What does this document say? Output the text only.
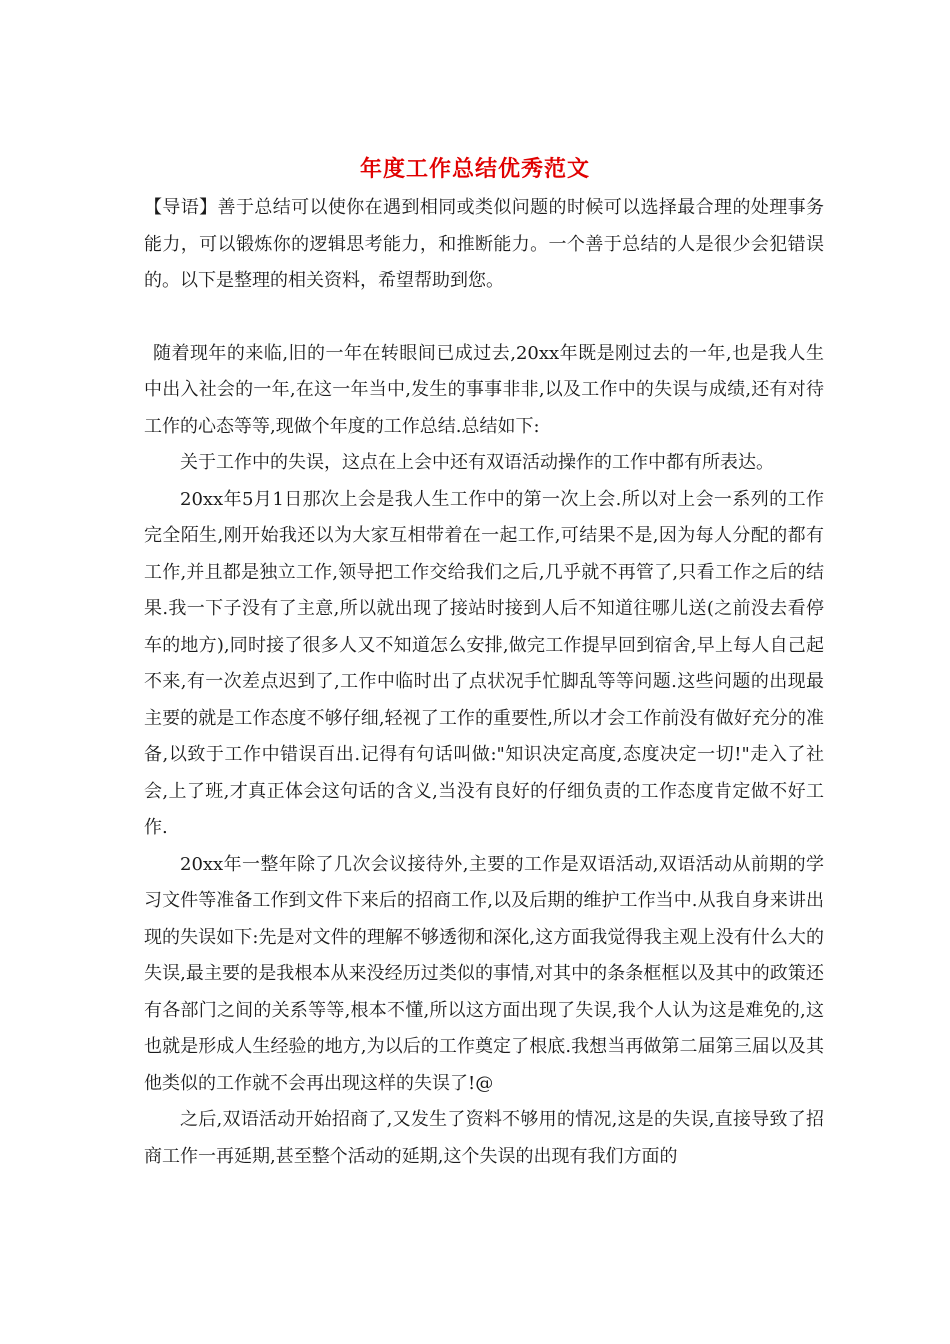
年度工作总结优秀范文

【导语】善于总结可以使你在遇到相同或类似问题的时候可以选择最合理的处理事务能力，可以锻炼你的逻辑思考能力，和推断能力。一个善于总结的人是很少会犯错误的。以下是整理的相关资料，希望帮助到您。

随着现年的来临,旧的一年在转眼间已成过去,20xx年既是刚过去的一年,也是我人生中出入社会的一年,在这一年当中,发生的事事非非,以及工作中的失误与成绩,还有对待工作的心态等等,现做个年度的工作总结.总结如下:

关于工作中的失误，这点在上会中还有双语活动操作的工作中都有所表达。

20xx年5月1日那次上会是我人生工作中的第一次上会.所以对上会一系列的工作完全陌生,刚开始我还以为大家互相带着在一起工作,可结果不是,因为每人分配的都有工作,并且都是独立工作,领导把工作交给我们之后,几乎就不再管了,只看工作之后的结果.我一下子没有了主意,所以就出现了接站时接到人后不知道往哪儿送(之前没去看停车的地方),同时接了很多人又不知道怎么安排,做完工作提早回到宿舍,早上每人自己起不来,有一次差点迟到了,工作中临时出了点状况手忙脚乱等等问题.这些问题的出现最主要的就是工作态度不够仔细,轻视了工作的重要性,所以才会工作前没有做好充分的准备,以致于工作中错误百出.记得有句话叫做:"知识决定高度,态度决定一切!"走入了社会,上了班,才真正体会这句话的含义,当没有良好的仔细负责的工作态度肯定做不好工作.

20xx年一整年除了几次会议接待外,主要的工作是双语活动,双语活动从前期的学习文件等准备工作到文件下来后的招商工作,以及后期的维护工作当中.从我自身来讲出现的失误如下:先是对文件的理解不够透彻和深化,这方面我觉得我主观上没有什么大的失误,最主要的是我根本从来没经历过类似的事情,对其中的条条框框以及其中的政策还有各部门之间的关系等等,根本不懂,所以这方面出现了失误,我个人认为这是难免的,这也就是形成人生经验的地方,为以后的工作奠定了根底.我想当再做第二届第三届以及其他类似的工作就不会再出现这样的失误了!@

之后,双语活动开始招商了,又发生了资料不够用的情况,这是的失误,直接导致了招商工作一再延期,甚至整个活动的延期,这个失误的出现有我们方面的
